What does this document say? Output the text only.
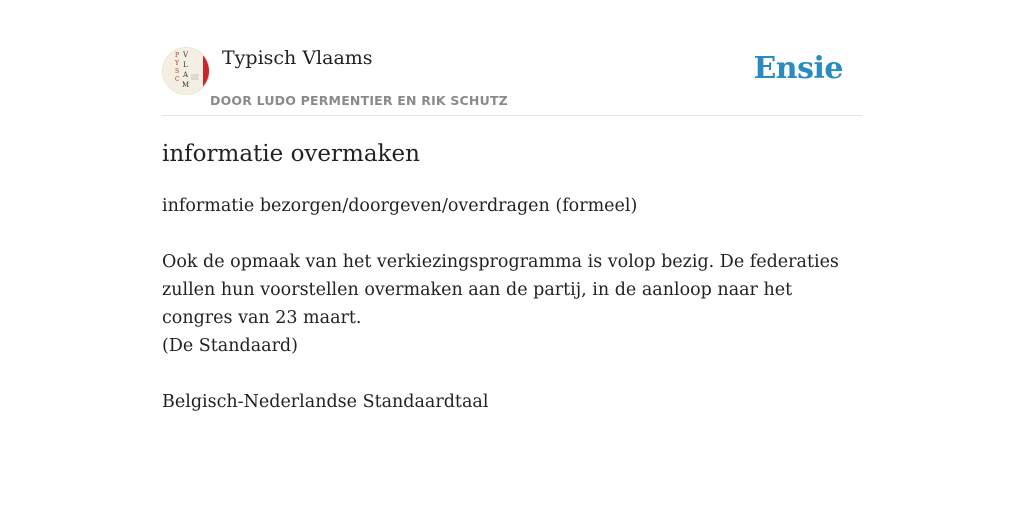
P
Y
S
C
V
L
A
M
Typisch Vlaams
DOOR LUDO PERMENTIER EN RIK SCHUTZ
Ensie
informatie overmaken

informatie bezorgen/doorgeven/overdragen (formeel)

Ook de opmaak van het verkiezingsprogramma is volop bezig. De federaties zullen hun voorstellen overmaken aan de partij, in de aanloop naar het congres van 23 maart.

(De Standaard)

Belgisch-Nederlandse Standaardtaal
